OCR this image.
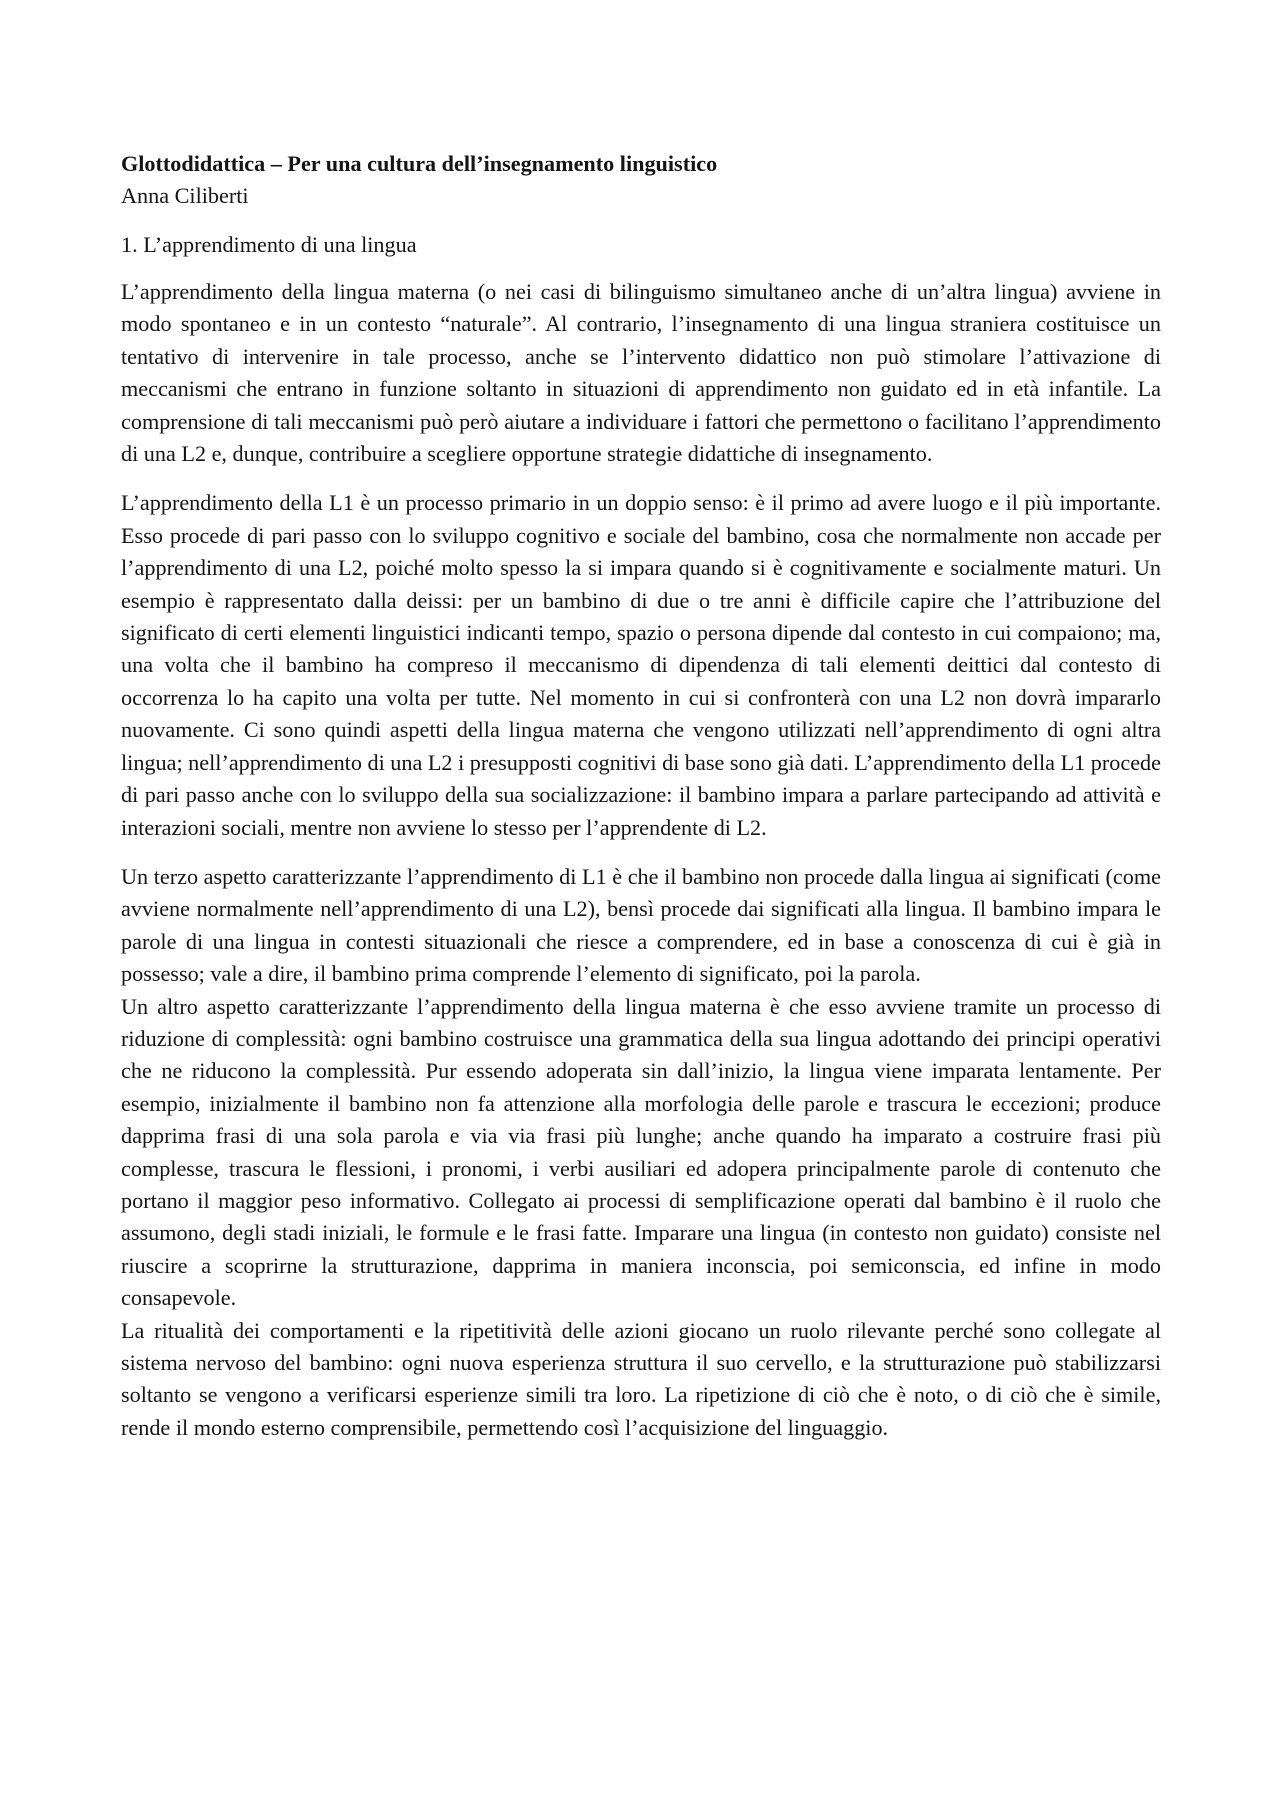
Glottodidattica – Per una cultura dell’insegnamento linguistico

Anna Ciliberti

1. L’apprendimento di una lingua

L’apprendimento della lingua materna (o nei casi di bilinguismo simultaneo anche di un’altra lingua) avviene in modo spontaneo e in un contesto “naturale”. Al contrario, l’insegnamento di una lingua straniera costituisce un tentativo di intervenire in tale processo, anche se l’intervento didattico non può stimolare l’attivazione di meccanismi che entrano in funzione soltanto in situazioni di apprendimento non guidato ed in età infantile. La comprensione di tali meccanismi può però aiutare a individuare i fattori che permettono o facilitano l’apprendimento di una L2 e, dunque, contribuire a scegliere opportune strategie didattiche di insegnamento.

L’apprendimento della L1 è un processo primario in un doppio senso: è il primo ad avere luogo e il più importante. Esso procede di pari passo con lo sviluppo cognitivo e sociale del bambino, cosa che normalmente non accade per l’apprendimento di una L2, poiché molto spesso la si impara quando si è cognitivamente e socialmente maturi. Un esempio è rappresentato dalla deissi: per un bambino di due o tre anni è difficile capire che l’attribuzione del significato di certi elementi linguistici indicanti tempo, spazio o persona dipende dal contesto in cui compaiono; ma, una volta che il bambino ha compreso il meccanismo di dipendenza di tali elementi deittici dal contesto di occorrenza lo ha capito una volta per tutte. Nel momento in cui si confronterà con una L2 non dovrà impararlo nuovamente. Ci sono quindi aspetti della lingua materna che vengono utilizzati nell’apprendimento di ogni altra lingua; nell’apprendimento di una L2 i presupposti cognitivi di base sono già dati. L’apprendimento della L1 procede di pari passo anche con lo sviluppo della sua socializzazione: il bambino impara a parlare partecipando ad attività e interazioni sociali, mentre non avviene lo stesso per l’apprendente di L2.

Un terzo aspetto caratterizzante l’apprendimento di L1 è che il bambino non procede dalla lingua ai significati (come avviene normalmente nell’apprendimento di una L2), bensì procede dai significati alla lingua. Il bambino impara le parole di una lingua in contesti situazionali che riesce a comprendere, ed in base a conoscenza di cui è già in possesso; vale a dire, il bambino prima comprende l’elemento di significato, poi la parola.

Un altro aspetto caratterizzante l’apprendimento della lingua materna è che esso avviene tramite un processo di riduzione di complessità: ogni bambino costruisce una grammatica della sua lingua adottando dei principi operativi che ne riducono la complessità. Pur essendo adoperata sin dall’inizio, la lingua viene imparata lentamente. Per esempio, inizialmente il bambino non fa attenzione alla morfologia delle parole e trascura le eccezioni; produce dapprima frasi di una sola parola e via via frasi più lunghe; anche quando ha imparato a costruire frasi più complesse, trascura le flessioni, i pronomi, i verbi ausiliari ed adopera principalmente parole di contenuto che portano il maggior peso informativo. Collegato ai processi di semplificazione operati dal bambino è il ruolo che assumono, degli stadi iniziali, le formule e le frasi fatte. Imparare una lingua (in contesto non guidato) consiste nel riuscire a scoprirne la strutturazione, dapprima in maniera inconscia, poi semiconscia, ed infine in modo consapevole.

La ritualità dei comportamenti e la ripetitività delle azioni giocano un ruolo rilevante perché sono collegate al sistema nervoso del bambino: ogni nuova esperienza struttura il suo cervello, e la strutturazione può stabilizzarsi soltanto se vengono a verificarsi esperienze simili tra loro. La ripetizione di ciò che è noto, o di ciò che è simile, rende il mondo esterno comprensibile, permettendo così l’acquisizione del linguaggio.
